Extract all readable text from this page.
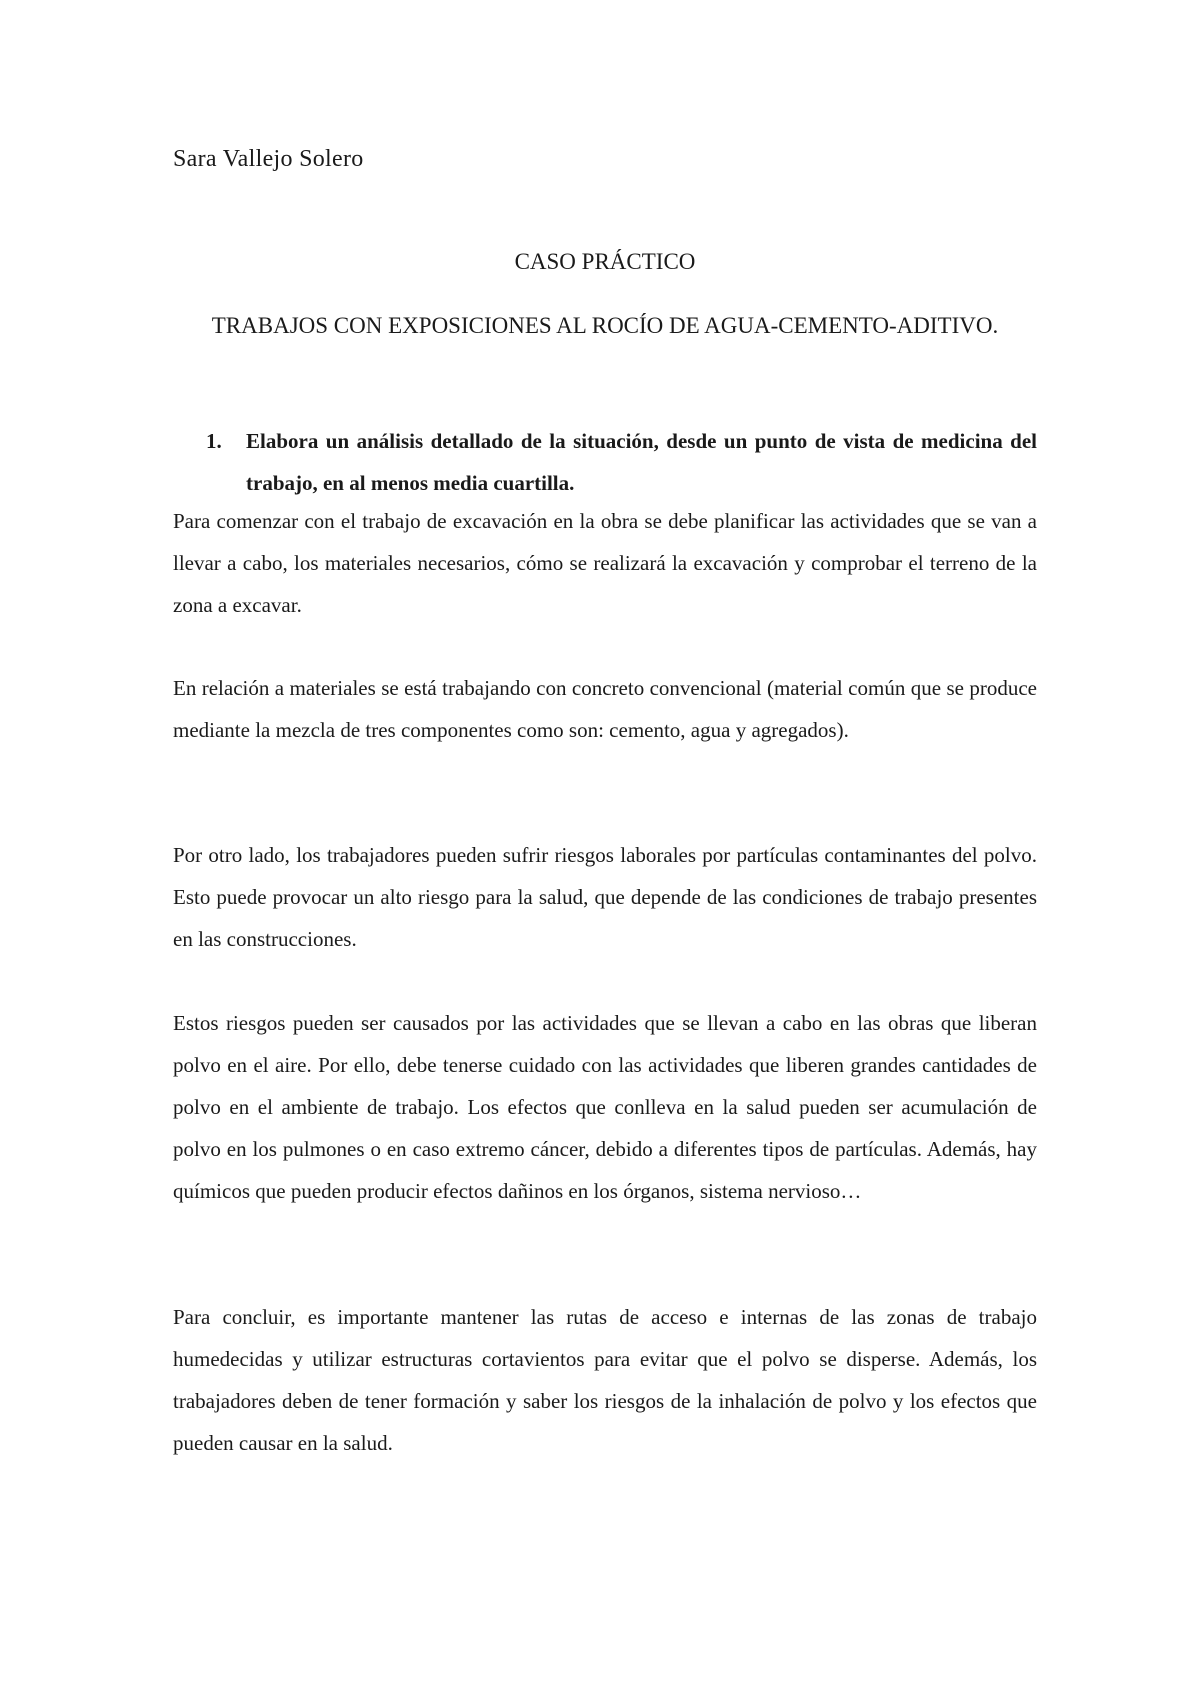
Sara Vallejo Solero
CASO PRÁCTICO
TRABAJOS CON EXPOSICIONES AL ROCÍO DE AGUA-CEMENTO-ADITIVO.
1. Elabora un análisis detallado de la situación, desde un punto de vista de medicina del trabajo, en al menos media cuartilla.

Para comenzar con el trabajo de excavación en la obra se debe planificar las actividades que se van a llevar a cabo, los materiales necesarios, cómo se realizará la excavación y comprobar el terreno de la zona a excavar.

En relación a materiales se está trabajando con concreto convencional (material común que se produce mediante la mezcla de tres componentes como son: cemento, agua y agregados).

Por otro lado, los trabajadores pueden sufrir riesgos laborales por partículas contaminantes del polvo. Esto puede provocar un alto riesgo para la salud, que depende de las condiciones de trabajo presentes en las construcciones.

Estos riesgos pueden ser causados por las actividades que se llevan a cabo en las obras que liberan polvo en el aire. Por ello, debe tenerse cuidado con las actividades que liberen grandes cantidades de polvo en el ambiente de trabajo. Los efectos que conlleva en la salud pueden ser acumulación de polvo en los pulmones o en caso extremo cáncer, debido a diferentes tipos de partículas. Además, hay químicos que pueden producir efectos dañinos en los órganos, sistema nervioso…

Para concluir, es importante mantener las rutas de acceso e internas de las zonas de trabajo humedecidas y utilizar estructuras cortavientos para evitar que el polvo se disperse. Además, los trabajadores deben de tener formación y saber los riesgos de la inhalación de polvo y los efectos que pueden causar en la salud.
